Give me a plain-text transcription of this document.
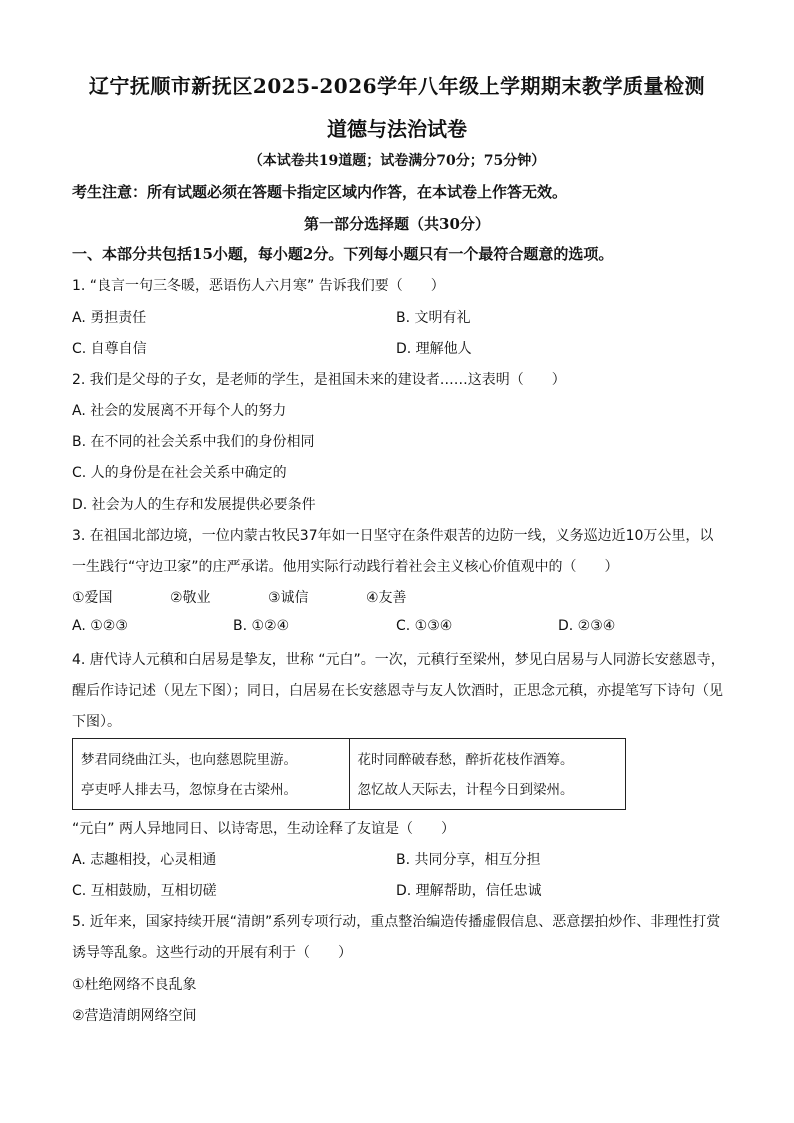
辽宁抚顺市新抚区2025-2026学年八年级上学期期末教学质量检测
道德与法治试卷
（本试卷共19道题；试卷满分70分；75分钟）
考生注意：所有试题必须在答题卡指定区域内作答，在本试卷上作答无效。
第一部分选择题（共30分）
一、本部分共包括15小题，每小题2分。下列每小题只有一个最符合题意的选项。
1. “良言一句三冬暖，恶语伤人六月寒” 告诉我们要（　　）
A. 勇担责任	B. 文明有礼
C. 自尊自信	D. 理解他人
2. 我们是父母的子女，是老师的学生，是祖国未来的建设者……这表明（　　）
A. 社会的发展离不开每个人的努力
B. 在不同的社会关系中我们的身份相同
C. 人的身份是在社会关系中确定的
D. 社会为人的生存和发展提供必要条件
3. 在祖国北部边境，一位内蒙古牧民37年如一日坚守在条件艰苦的边防一线，义务巡边近10万公里，以
一生践行“守边卫家”的庄严承诺。他用实际行动践行着社会主义核心价值观中的（　　）
①爱国	②敬业	③诚信	④友善
A. ①②③	B. ①②④	C. ①③④	D. ②③④
4. 唐代诗人元稹和白居易是挚友，世称 “元白”。一次，元稹行至梁州，梦见白居易与人同游长安慈恩寺，
醒后作诗记述（见左下图）；同日，白居易在长安慈恩寺与友人饮酒时，正思念元稹，亦提笔写下诗句（见
下图）。
梦君同绕曲江头，也向慈恩院里游。
亭吏呼人排去马，忽惊身在古梁州。
花时同醉破春愁，醉折花枝作酒筹。
忽忆故人天际去，计程今日到梁州。
“元白” 两人异地同日、以诗寄思，生动诠释了友谊是（　　）
A. 志趣相投，心灵相通	B. 共同分享，相互分担
C. 互相鼓励，互相切磋	D. 理解帮助，信任忠诚
5. 近年来，国家持续开展“清朗”系列专项行动，重点整治编造传播虚假信息、恶意摆拍炒作、非理性打赏
诱导等乱象。这些行动的开展有利于（　　）
①杜绝网络不良乱象
②营造清朗网络空间
